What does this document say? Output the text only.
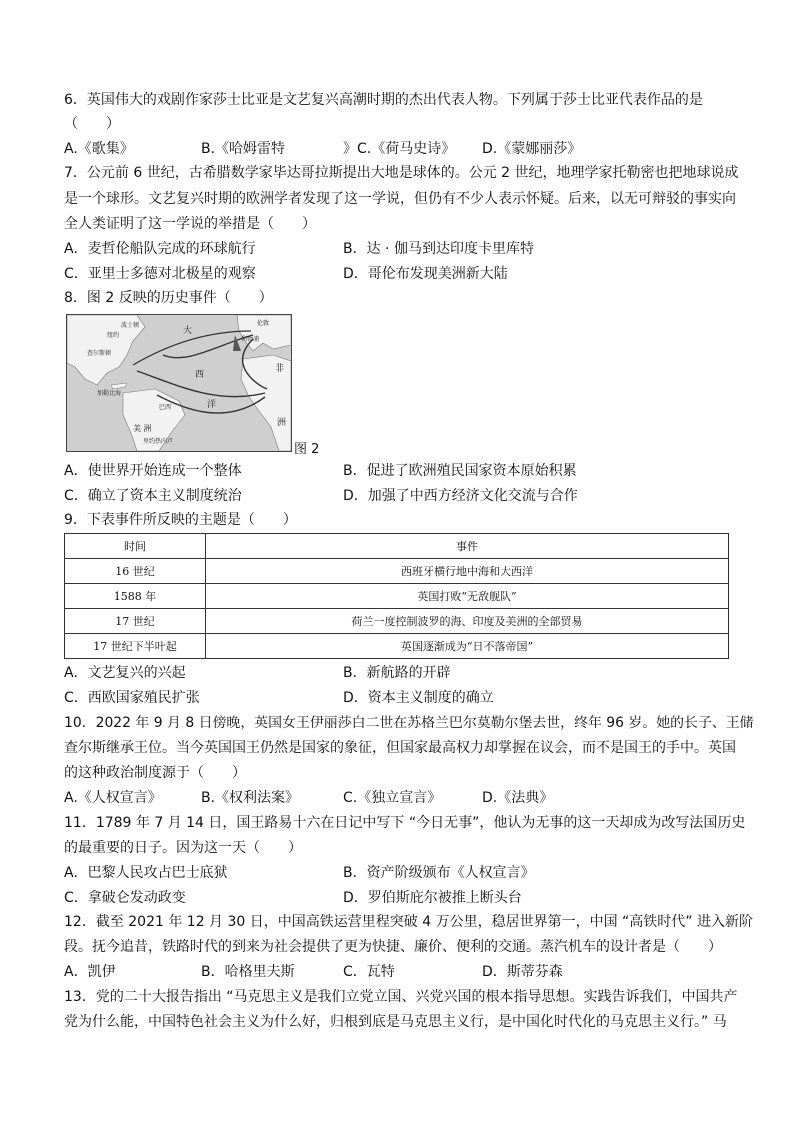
6．英国伟大的戏剧作家莎士比亚是文艺复兴高潮时期的杰出代表人物。下列属于莎士比亚代表作品的是
（　　）
A.《歌集》	B.《哈姆雷特	》C.《荷马史诗》 D.《蒙娜丽莎》
7．公元前 6 世纪，古希腊数学家毕达哥拉斯提出大地是球体的。公元 2 世纪，地理学家托勒密也把地球说成
是一个球形。文艺复兴时期的欧洲学者发现了这一学说，但仍有不少人表示怀疑。后来，以无可辩驳的事实向
全人类证明了这一学说的举措是（　　）
A．麦哲伦船队完成的环球航行	B．达 · 伽马到达印度卡里库特
C．亚里士多德对北极星的观察	D．哥伦布发现美洲新大陆
8．图 2 反映的历史事件（　　）
大
西
洋
非
洲
美 洲
伦敦
利物浦
查尔斯顿
纽约
波士顿
加勒比海
巴西
里约热内卢
图 2
A．使世界开始连成一个整体	B．促进了欧洲殖民国家资本原始积累
C．确立了资本主义制度统治	D．加强了中西方经济文化交流与合作
9．下表事件所反映的主题是（　　）
时间	事件
16 世纪	西班牙横行地中海和大西洋
1588 年	英国打败“无敌舰队”
17 世纪	荷兰一度控制波罗的海、印度及美洲的全部贸易
17 世纪下半叶起	英国逐渐成为“日不落帝国”
A．文艺复兴的兴起	B．新航路的开辟
C．西欧国家殖民扩张	D．资本主义制度的确立
10．2022 年 9 月 8 日傍晚，英国女王伊丽莎白二世在苏格兰巴尔莫勒尔堡去世，终年 96 岁。她的长子、王储
查尔斯继承王位。当今英国国王仍然是国家的象征，但国家最高权力却掌握在议会，而不是国王的手中。英国
的这种政治制度源于（　　）
A.《人权宣言》	B.《权利法案》	C.《独立宣言》	D.《法典》
11．1789 年 7 月 14 日，国王路易十六在日记中写下 “今日无事”，他认为无事的这一天却成为改写法国历史
的最重要的日子。因为这一天（　　）
A．巴黎人民攻占巴士底狱	B．资产阶级颁布《人权宣言》
C．拿破仑发动政变	D．罗伯斯庇尔被推上断头台
12．截至 2021 年 12 月 30 日，中国高铁运营里程突破 4 万公里，稳居世界第一，中国 “高铁时代” 进入新阶
段。抚今追昔，铁路时代的到来为社会提供了更为快捷、廉价、便利的交通。蒸汽机车的设计者是（　　）
A．凯伊	B．哈格里夫斯	C．瓦特	D．斯蒂芬森
13．党的二十大报告指出 “马克思主义是我们立党立国、兴党兴国的根本指导思想。实践告诉我们，中国共产
党为什么能，中国特色社会主义为什么好，归根到底是马克思主义行，是中国化时代化的马克思主义行。” 马
